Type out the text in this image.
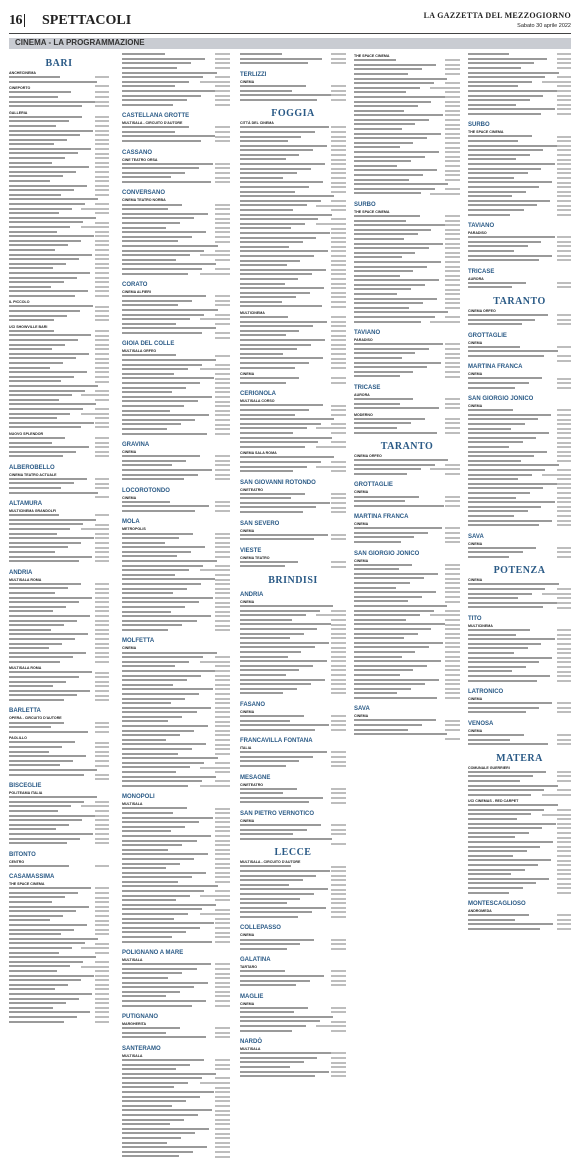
16 SPETTACOLI	LA GAZZETTA DEL MEZZOGIORNO
Sabato 30 aprile 2022
CINEMA - LA PROGRAMMAZIONE
BARI
ANCHECINEMA
CINEPORTO
GALLERIA
IL PICCOLO
UCI SHOWVILLE BARI
NUOVO SPLENDOR
ALBEROBELLO
CINEMA TEATRO ACTUALE
ALTAMURA
MULTICINEMA GRANDOLFI
ANDRIA
MULTISALA ROMA
MULTISALA ROMA
BARLETTA
OPERA - CIRCUITO D'AUTORE
PAOLILLO
BISCEGLIE
POLITEAMA ITALIA
BITONTO
CENTRO
CASAMASSIMA
THE SPACE CINEMA
CASTELLANA GROTTE
MULTISALA - CIRCUITO D'AUTORE
CASSANO
CINE TEATRO ORSA
CONVERSANO
CINEMA TEATRO NORBA
CORATO
CINEMA ALFIERI
GIOIA DEL COLLE
MULTISALA ORFEO
GRAVINA
CINEMA
LOCOROTONDO
CINEMA
MOLA
METROPOLIS
MOLFETTA
CINEMA
MONOPOLI
MULTISALA
POLIGNANO A MARE
MULTISALA
PUTIGNANO
MARGHERITA
SANTERAMO
MULTISALA
TERLIZZI
CINEMA
FOGGIA
CITTÀ DEL CINEMA
MULTICINEMA
CINEMA
CERIGNOLA
MULTISALA CORSO
CINEMA SALA ROMA
SAN GIOVANNI ROTONDO
CINETEATRO
SAN SEVERO
CINEMA
VIESTE
CINEMA TEATRO
BRINDISI
ANDRIA
CINEMA
FASANO
CINEMA
FRANCAVILLA FONTANA
ITALIA
MESAGNE
CINETEATRO
SAN PIETRO VERNOTICO
CINEMA
LECCE
MULTISALA - CIRCUITO D'AUTORE
COLLEPASSO
CINEMA
GALATINA
TARTARO
MAGLIE
CINEMA
NARDÒ
MULTISALA
THE SPACE CINEMA
SURBO
THE SPACE CINEMA
TAVIANO
PARADISO
TRICASE
AURORA
MODERNO
TARANTO
CINEMA ORFEO
GROTTAGLIE
CINEMA
MARTINA FRANCA
CINEMA
SAN GIORGIO JONICO
CINEMA
SAVA
CINEMA
SURBO
THE SPACE CINEMA
TAVIANO
PARADISO
TRICASE
AURORA
TARANTO
CINEMA ORFEO
GROTTAGLIE
CINEMA
MARTINA FRANCA
CINEMA
SAN GIORGIO JONICO
CINEMA
SAVA
CINEMA
POTENZA
CINEMA
TITO
MULTICINEMA
LATRONICO
CINEMA
VENOSA
CINEMA
MATERA
COMUNALE GUERRIERI
UCI CINEMAS - RED CARPET
MONTESCAGLIOSO
ANDROMEDA
